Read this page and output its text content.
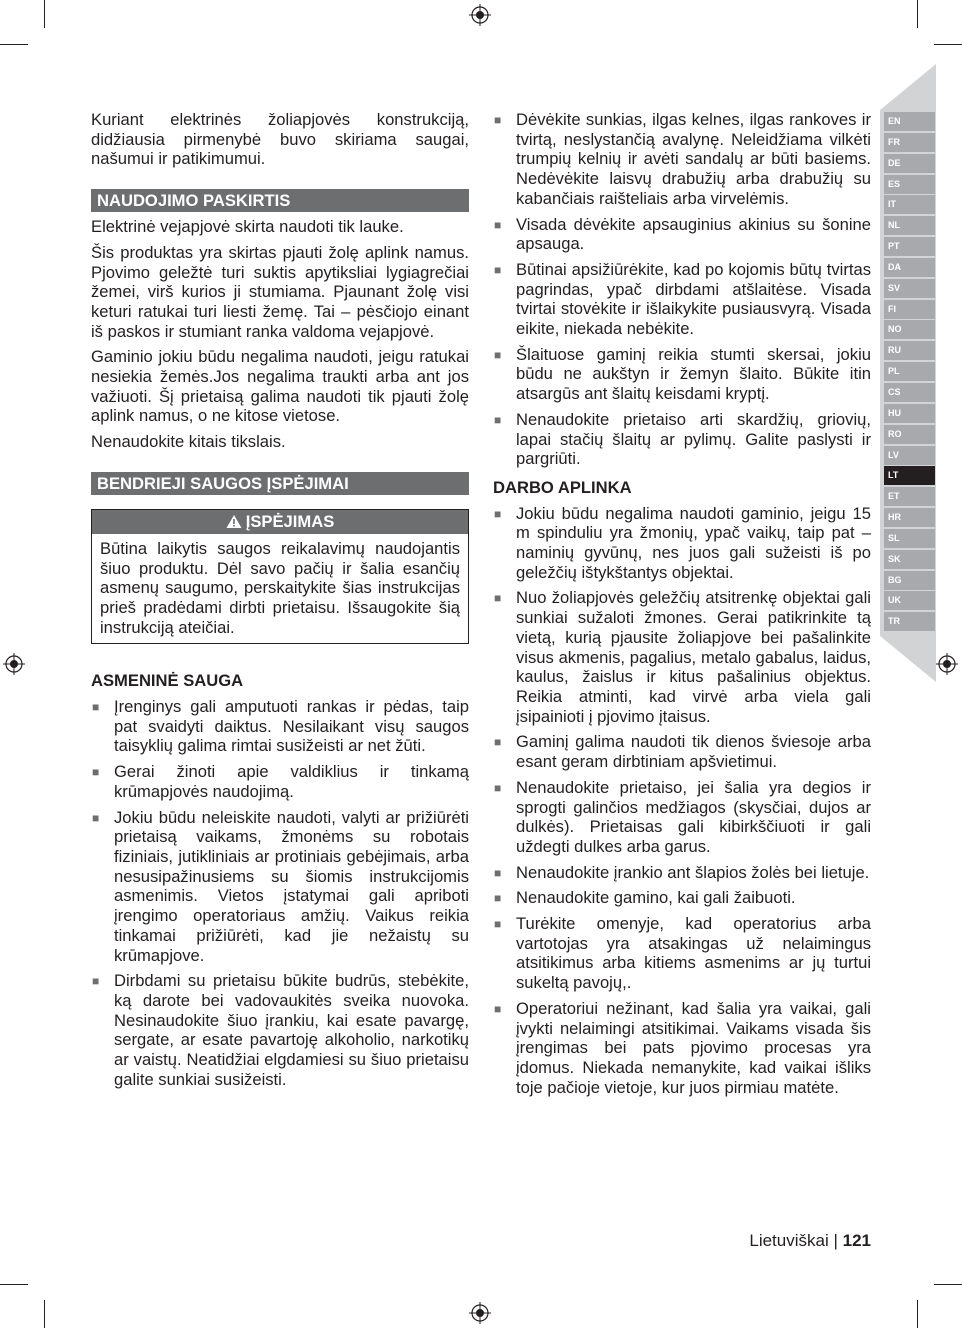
Kuriant elektrinės žoliapjovės konstrukciją, didžiausia pirmenybė buvo skiriama saugai, našumui ir patikimumui.

NAUDOJIMO PASKIRTIS

Elektrinė vejapjovė skirta naudoti tik lauke.

Šis produktas yra skirtas pjauti žolę aplink namus. Pjovimo geležtė turi suktis apytiksliai lygiagrečiai žemei, virš kurios ji stumiama. Pjaunant žolę visi keturi ratukai turi liesti žemę. Tai – pėsčiojo einant iš paskos ir stumiant ranka valdoma vejapjovė.

Gaminio jokiu būdu negalima naudoti, jeigu ratukai nesiekia žemės.Jos negalima traukti arba ant jos važiuoti. Šį prietaisą galima naudoti tik pjauti žolę aplink namus, o ne kitose vietose.

Nenaudokite kitais tikslais.

BENDRIEJI SAUGOS ĮSPĖJIMAI
ĮSPĖJIMAS
Būtina laikytis saugos reikalavimų naudojantis šiuo produktu. Dėl savo pačių ir šalia esančių asmenų saugumo, perskaitykite šias instrukcijas prieš pradėdami dirbti prietaisu. Išsaugokite šią instrukciją ateičiai.
ASMENINĖ SAUGA
■ Įrenginys gali amputuoti rankas ir pėdas, taip pat svaidyti daiktus. Nesilaikant visų saugos taisyklių galima rimtai susižeisti ar net žūti.
■ Gerai žinoti apie valdiklius ir tinkamą krūmapjovės naudojimą.
■ Jokiu būdu neleiskite naudoti, valyti ar prižiūrėti prietaisą vaikams, žmonėms su robotais fiziniais, jutikliniais ar protiniais gebėjimais, arba nesusipažinusiems su šiomis instrukcijomis asmenimis. Vietos įstatymai gali apriboti įrengimo operatoriaus amžių. Vaikus reikia tinkamai prižiūrėti, kad jie nežaistų su krūmapjove.
■ Dirbdami su prietaisu būkite budrūs, stebėkite, ką darote bei vadovaukitės sveika nuovoka. Nesinaudokite šiuo įrankiu, kai esate pavargę, sergate, ar esate pavartoję alkoholio, narkotikų ar vaistų. Neatidžiai elgdamiesi su šiuo prietaisu galite sunkiai susižeisti.
■ Dėvėkite sunkias, ilgas kelnes, ilgas rankoves ir tvirtą, neslystančią avalynę. Neleidžiama vilkėti trumpių kelnių ir avėti sandalų ar būti basiems. Nedėvėkite laisvų drabužių arba drabužių su kabančiais raišteliais arba virvelėmis.
■ Visada dėvėkite apsauginius akinius su šonine apsauga.
■ Būtinai apsižiūrėkite, kad po kojomis būtų tvirtas pagrindas, ypač dirbdami atšlaitėse. Visada tvirtai stovėkite ir išlaikykite pusiausvyrą. Visada eikite, niekada nebėkite.
■ Šlaituose gaminį reikia stumti skersai, jokiu būdu ne aukštyn ir žemyn šlaito. Būkite itin atsargūs ant šlaitų keisdami kryptį.
■ Nenaudokite prietaiso arti skardžių, griovių, lapai stačių šlaitų ar pylimų. Galite paslysti ir pargriūti.
DARBO APLINKA
■ Jokiu būdu negalima naudoti gaminio, jeigu 15 m spinduliu yra žmonių, ypač vaikų, taip pat – naminių gyvūnų, nes juos gali sužeisti iš po geležčių ištykštantys objektai.
■ Nuo žoliapjovės geležčių atsitrenkę objektai gali sunkiai sužaloti žmones. Gerai patikrinkite tą vietą, kurią pjausite žoliapjove bei pašalinkite visus akmenis, pagalius, metalo gabalus, laidus, kaulus, žaislus ir kitus pašalinius objektus. Reikia atminti, kad virvė arba viela gali įsipainioti į pjovimo įtaisus.
■ Gaminį galima naudoti tik dienos šviesoje arba esant geram dirbtiniam apšvietimui.
■ Nenaudokite prietaiso, jei šalia yra degios ir sprogti galinčios medžiagos (skysčiai, dujos ar dulkės). Prietaisas gali kibirkščiuoti ir gali uždegti dulkes arba garus.
■ Nenaudokite įrankio ant šlapios žolės bei lietuje.
■ Nenaudokite gamino, kai gali žaibuoti.
■ Turėkite omenyje, kad operatorius arba vartotojas yra atsakingas už nelaimingus atsitikimus arba kitiems asmenims ar jų turtui sukeltą pavojų,.
■ Operatoriui nežinant, kad šalia yra vaikai, gali įvykti nelaimingi atsitikimai. Vaikams visada šis įrengimas bei pats pjovimo procesas yra įdomus. Niekada nemanykite, kad vaikai išliks toje pačioje vietoje, kur juos pirmiau matėte.
EN
FR
DE
ES
IT
NL
PT
DA
SV
FI
NO
RU
PL
CS
HU
RO
LV
LT
ET
HR
SL
SK
BG
UK
TR
Lietuviškai | 121
